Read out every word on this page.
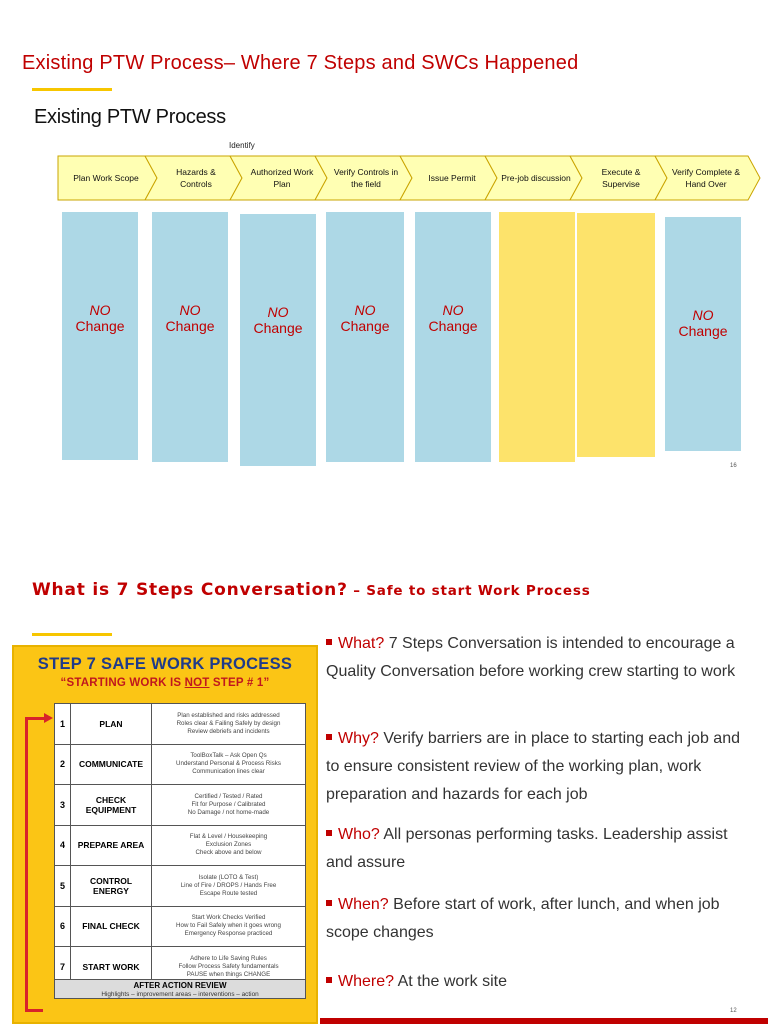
Existing PTW Process– Where 7 Steps and SWCs Happened
Existing PTW Process
Identify
Plan Work Scope
Hazards & Controls
Authorized Work Plan
Verify Controls in the field
Issue Permit	Pre-job discussion
Execute & Supervise
Verify Complete & Hand Over
NO
Change
NO
Change
NO
Change
NO
Change
NO
Change
NO
Change
16
What is 7 Steps Conversation? – Safe to start Work Process
STEP 7 SAFE WORK PROCESS
“STARTING WORK IS NOT STEP # 1”
1	PLAN	Plan established and risks addressed
Roles clear & Failing Safely by design
Review debriefs and incidents
2	COMMUNICATE	ToolBoxTalk – Ask Open Qs
Understand Personal & Process Risks
Communication lines clear
3	CHECK
EQUIPMENT	Certified / Tested / Rated
Fit for Purpose / Calibrated
No Damage / not home-made
4	PREPARE AREA	Flat & Level / Housekeeping
Exclusion Zones
Check above and below
5	CONTROL
ENERGY	Isolate (LOTO & Test)
Line of Fire / DROPS / Hands Free
Escape Route tested
6	FINAL CHECK	Start Work Checks Verified
How to Fail Safely when it goes wrong
Emergency Response practiced
7	START WORK	Adhere to Life Saving Rules
Follow Process Safety fundamentals
PAUSE when things CHANGE
AFTER ACTION REVIEW
Highlights – improvement areas – interventions – action
What? 7 Steps Conversation is intended to encourage a Quality Conversation before working crew starting to work
Why? Verify barriers are in place to starting each job and to ensure consistent review of the working plan, work preparation and hazards for each job
Who? All personas performing tasks. Leadership assist and assure
When? Before start of work, after lunch, and when job scope changes
Where? At the work site
12
